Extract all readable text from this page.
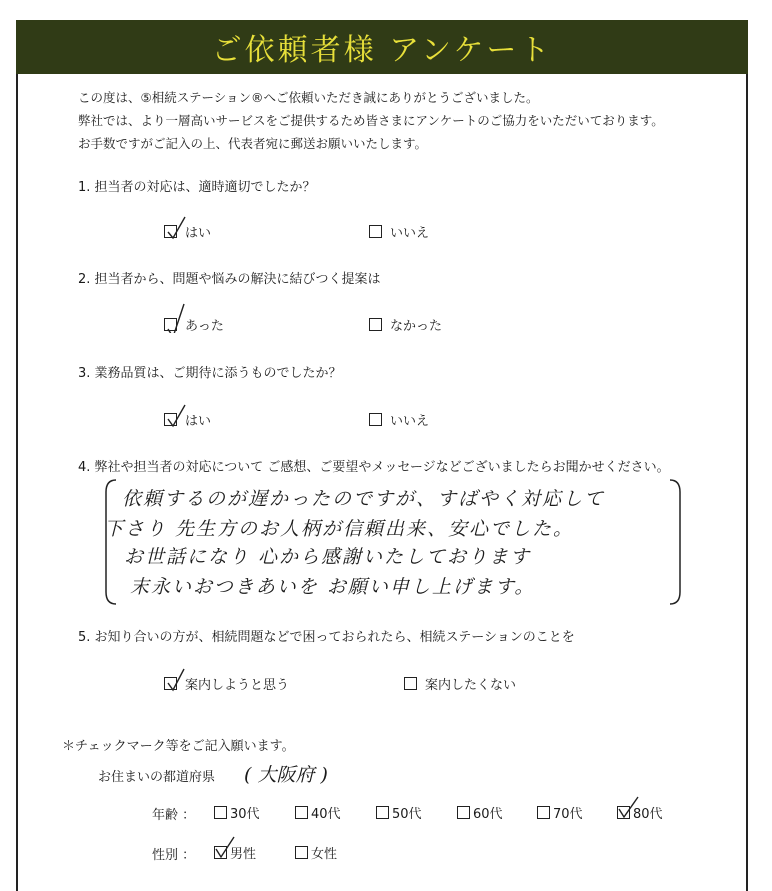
ご依頼者様 アンケート
この度は、⑤相続ステーション®へご依頼いただき誠にありがとうございました。
弊社では、より一層高いサービスをご提供するため皆さまにアンケートのご協力をいただいております。
お手数ですがご記入の上、代表者宛に郵送お願いいたします。
1. 担当者の対応は、適時適切でしたか？
はい	いいえ
2. 担当者から、問題や悩みの解決に結びつく提案は
あった	なかった
3. 業務品質は、ご期待に添うものでしたか？
はい	いいえ
4. 弊社や担当者の対応について ご感想、ご要望やメッセージなどございましたらお聞かせください。
依頼するのが遅かったのですが、すばやく対応して
下さり 先生方のお人柄が信頼出来、安心でした。
お世話になり 心から感謝いたしております
末永いおつきあいを お願い申し上げます。
5. お知り合いの方が、相続問題などで困っておられたら、相続ステーションのことを
案内しようと思う	案内したくない
＊チェックマーク等をご記入願います。
お住まいの都道府県 ( 大阪府 )
年齢 ：	30代	40代	50代	60代	70代	80代
性別 ：	男性	女性
